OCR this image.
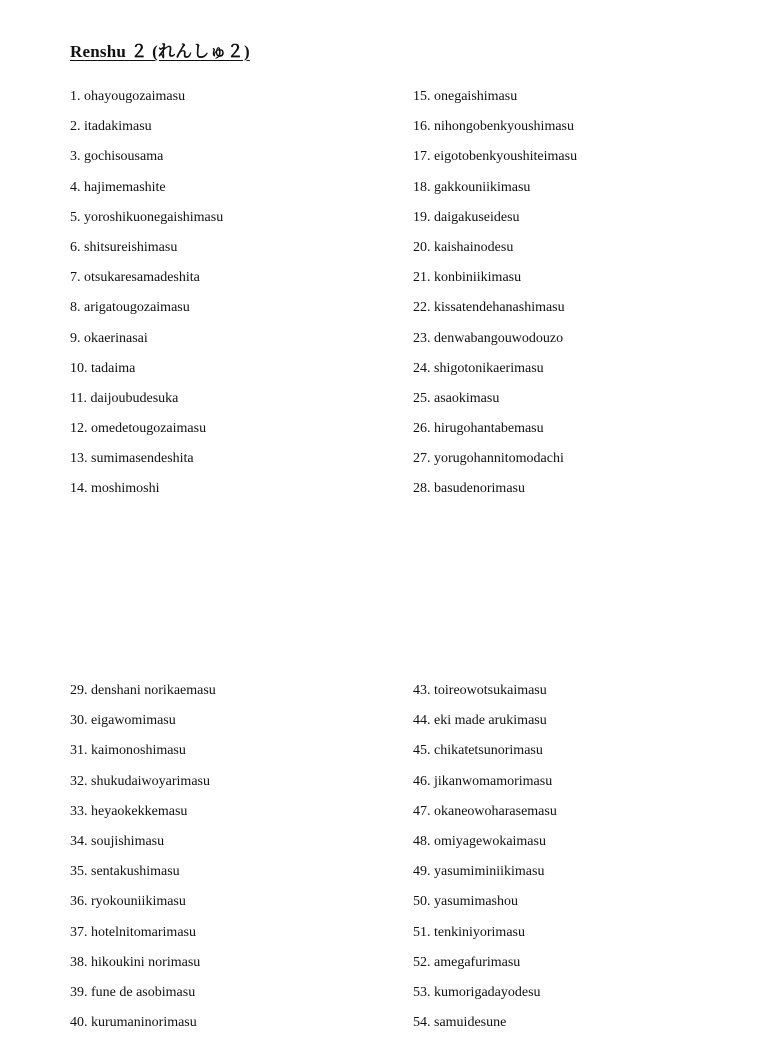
Renshu ２ (れんしゅ２)
1. ohayougozaimasu
2. itadakimasu
3. gochisousama
4. hajimemashite
5. yoroshikuonegaishimasu
6. shitsureishimasu
7. otsukaresamadeshita
8. arigatougozaimasu
9. okaerinasai
10. tadaima
11. daijoubudesuka
12. omedetougozaimasu
13. sumimasendeshita
14. moshimoshi
15. onegaishimasu
16. nihongobenkyoushimasu
17. eigotobenkyoushiteimasu
18. gakkouniikimasu
19. daigakuseidesu
20. kaishainodesu
21. konbiniikimasu
22. kissatendehanashimasu
23. denwabangouwodouzo
24. shigotonikaerimasu
25. asaokimasu
26. hirugohantabemasu
27. yorugohannitomodachi
28. basudenorimasu
29. denshani norikaemasu
30. eigawomimasu
31. kaimonoshimasu
32. shukudaiwoyarimasu
33. heyaokekkemasu
34. soujishimasu
35. sentakushimasu
36. ryokouniikimasu
37. hotelnitomarimasu
38. hikoukini norimasu
39. fune de asobimasu
40. kurumaninorimasu
43. toireowotsukaimasu
44. eki made arukimasu
45. chikatetsunorimasu
46. jikanwomamorimasu
47. okaneowoharasemasu
48. omiyagewokaimasu
49. yasumiminiikimasu
50. yasumimashou
51. tenkiniyorimasu
52. amegafurimasu
53. kumorigadayodesu
54. samuidesune
